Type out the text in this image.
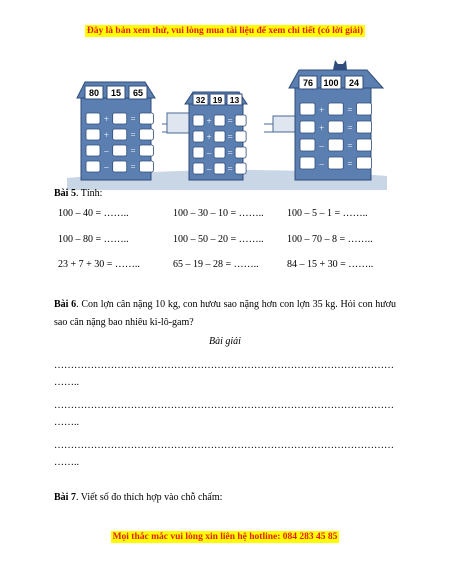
Đây là bản xem thử, vui lòng mua tài liệu để xem chi tiết (có lời giải)
80 15 65
32 19 13
76 100 24
+ =
+ =
– =
– =
+ =
+ =
– =
– =
+	=
+	=
–	=
–	=
Bài 5. Tính:
100 – 40 = ……..	100 – 30 – 10 = …….. 100 – 5 – 1 = ……..
100 – 80 = ……..	100 – 50 – 20 = …….. 100 – 70 – 8 = ……..
23 + 7 + 30 = ……..	65 – 19 – 28 = ……..	84 – 15 + 30 = ……..
Bài 6. Con lợn cân nặng 10 kg, con hươu sao nặng hơn con lợn 35 kg. Hỏi con hươu sao cân nặng bao nhiêu ki-lô-gam?
Bài giải
…………………………………………………………………………………………
……..
…………………………………………………………………………………………
……..
…………………………………………………………………………………………
……..
Bài 7. Viết số đo thích hợp vào chỗ chấm:
Mọi thắc mắc vui lòng xin liên hệ hotline: 084 283 45 85
